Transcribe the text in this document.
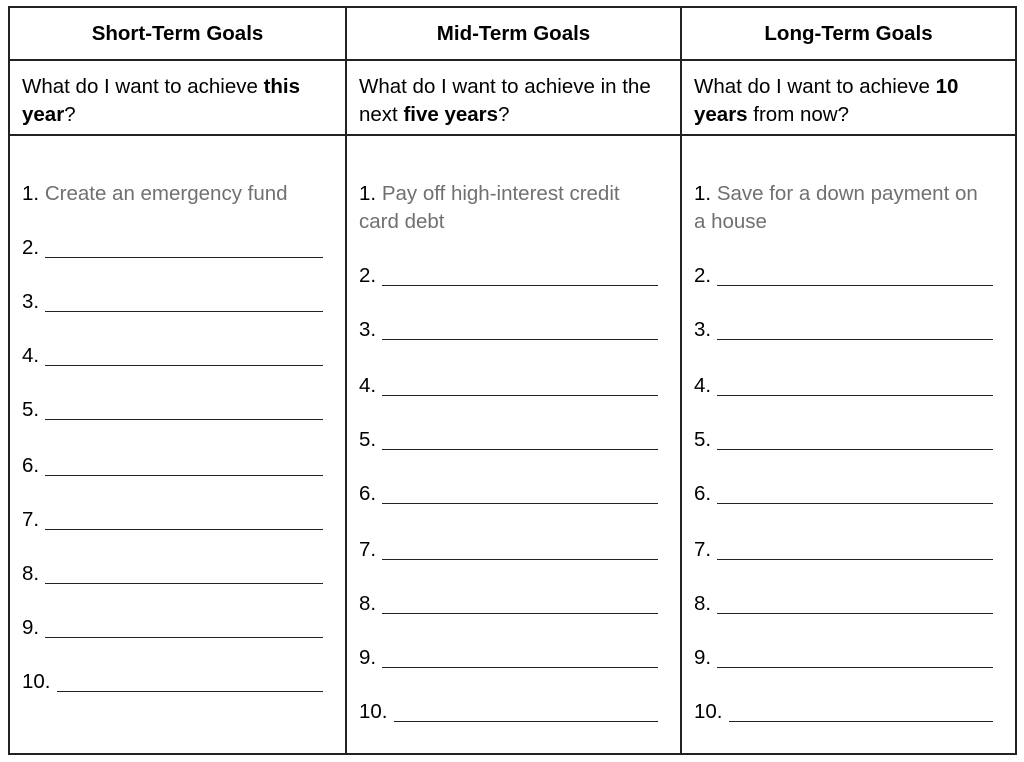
Short-Term Goals
What do I want to achieve this year?
1. Create an emergency fund
2.
3.
4.
5.
6.
7.
8.
9.
10.
Mid-Term Goals
What do I want to achieve in the next five years?
1. Pay off high-interest credit card debt
2.
3.
4.
5.
6.
7.
8.
9.
10.
Long-Term Goals
What do I want to achieve 10 years from now?
1. Save for a down payment on a house
2.
3.
4.
5.
6.
7.
8.
9.
10.
